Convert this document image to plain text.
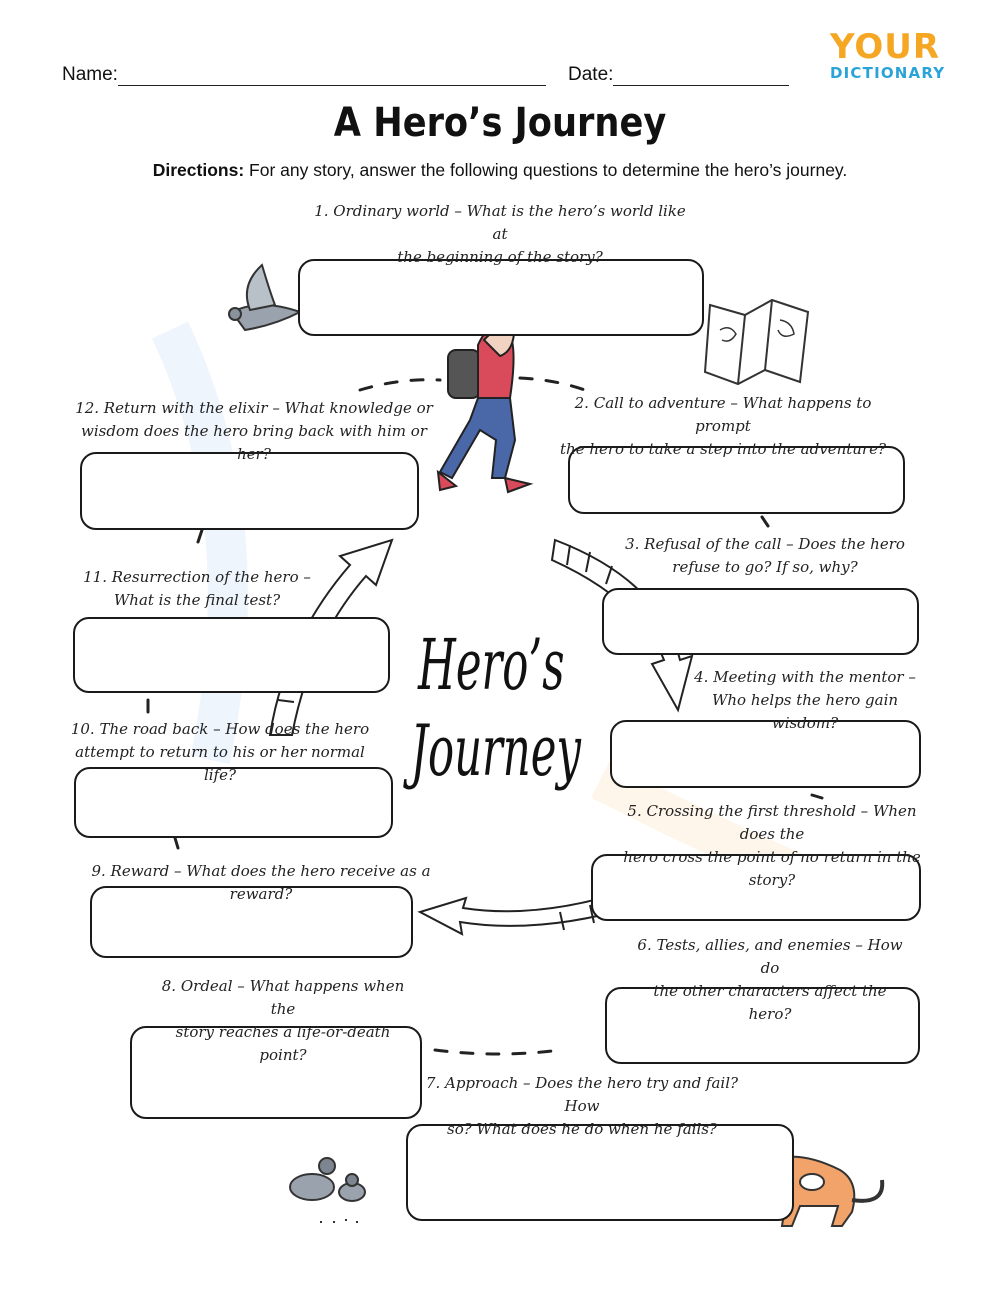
Name:	Date:
YOUR
DICTIONARY
A Hero’s Journey
Directions: For any story, answer the following questions to determine the hero’s journey.
1. Ordinary world – What is the hero’s world like at
the beginning of the story?
2. Call to adventure – What happens to prompt
the hero to take a step into the adventure?
3. Refusal of the call – Does the hero
refuse to go? If so, why?
4. Meeting with the mentor –
Who helps the hero gain wisdom?
5. Crossing the first threshold – When does the
hero cross the point of no return in the story?
6. Tests, allies, and enemies – How do
the other characters affect the hero?
7. Approach – Does the hero try and fail? How
so? What does he do when he fails?
8. Ordeal – What happens when the
story reaches a life-or-death point?
9. Reward – What does the hero receive as a reward?
10. The road back – How does the hero
attempt to return to his or her normal life?
11. Resurrection of the hero –
What is the final test?
12. Return with the elixir – What knowledge or
wisdom does the hero bring back with him or her?
Hero’s
Journey
